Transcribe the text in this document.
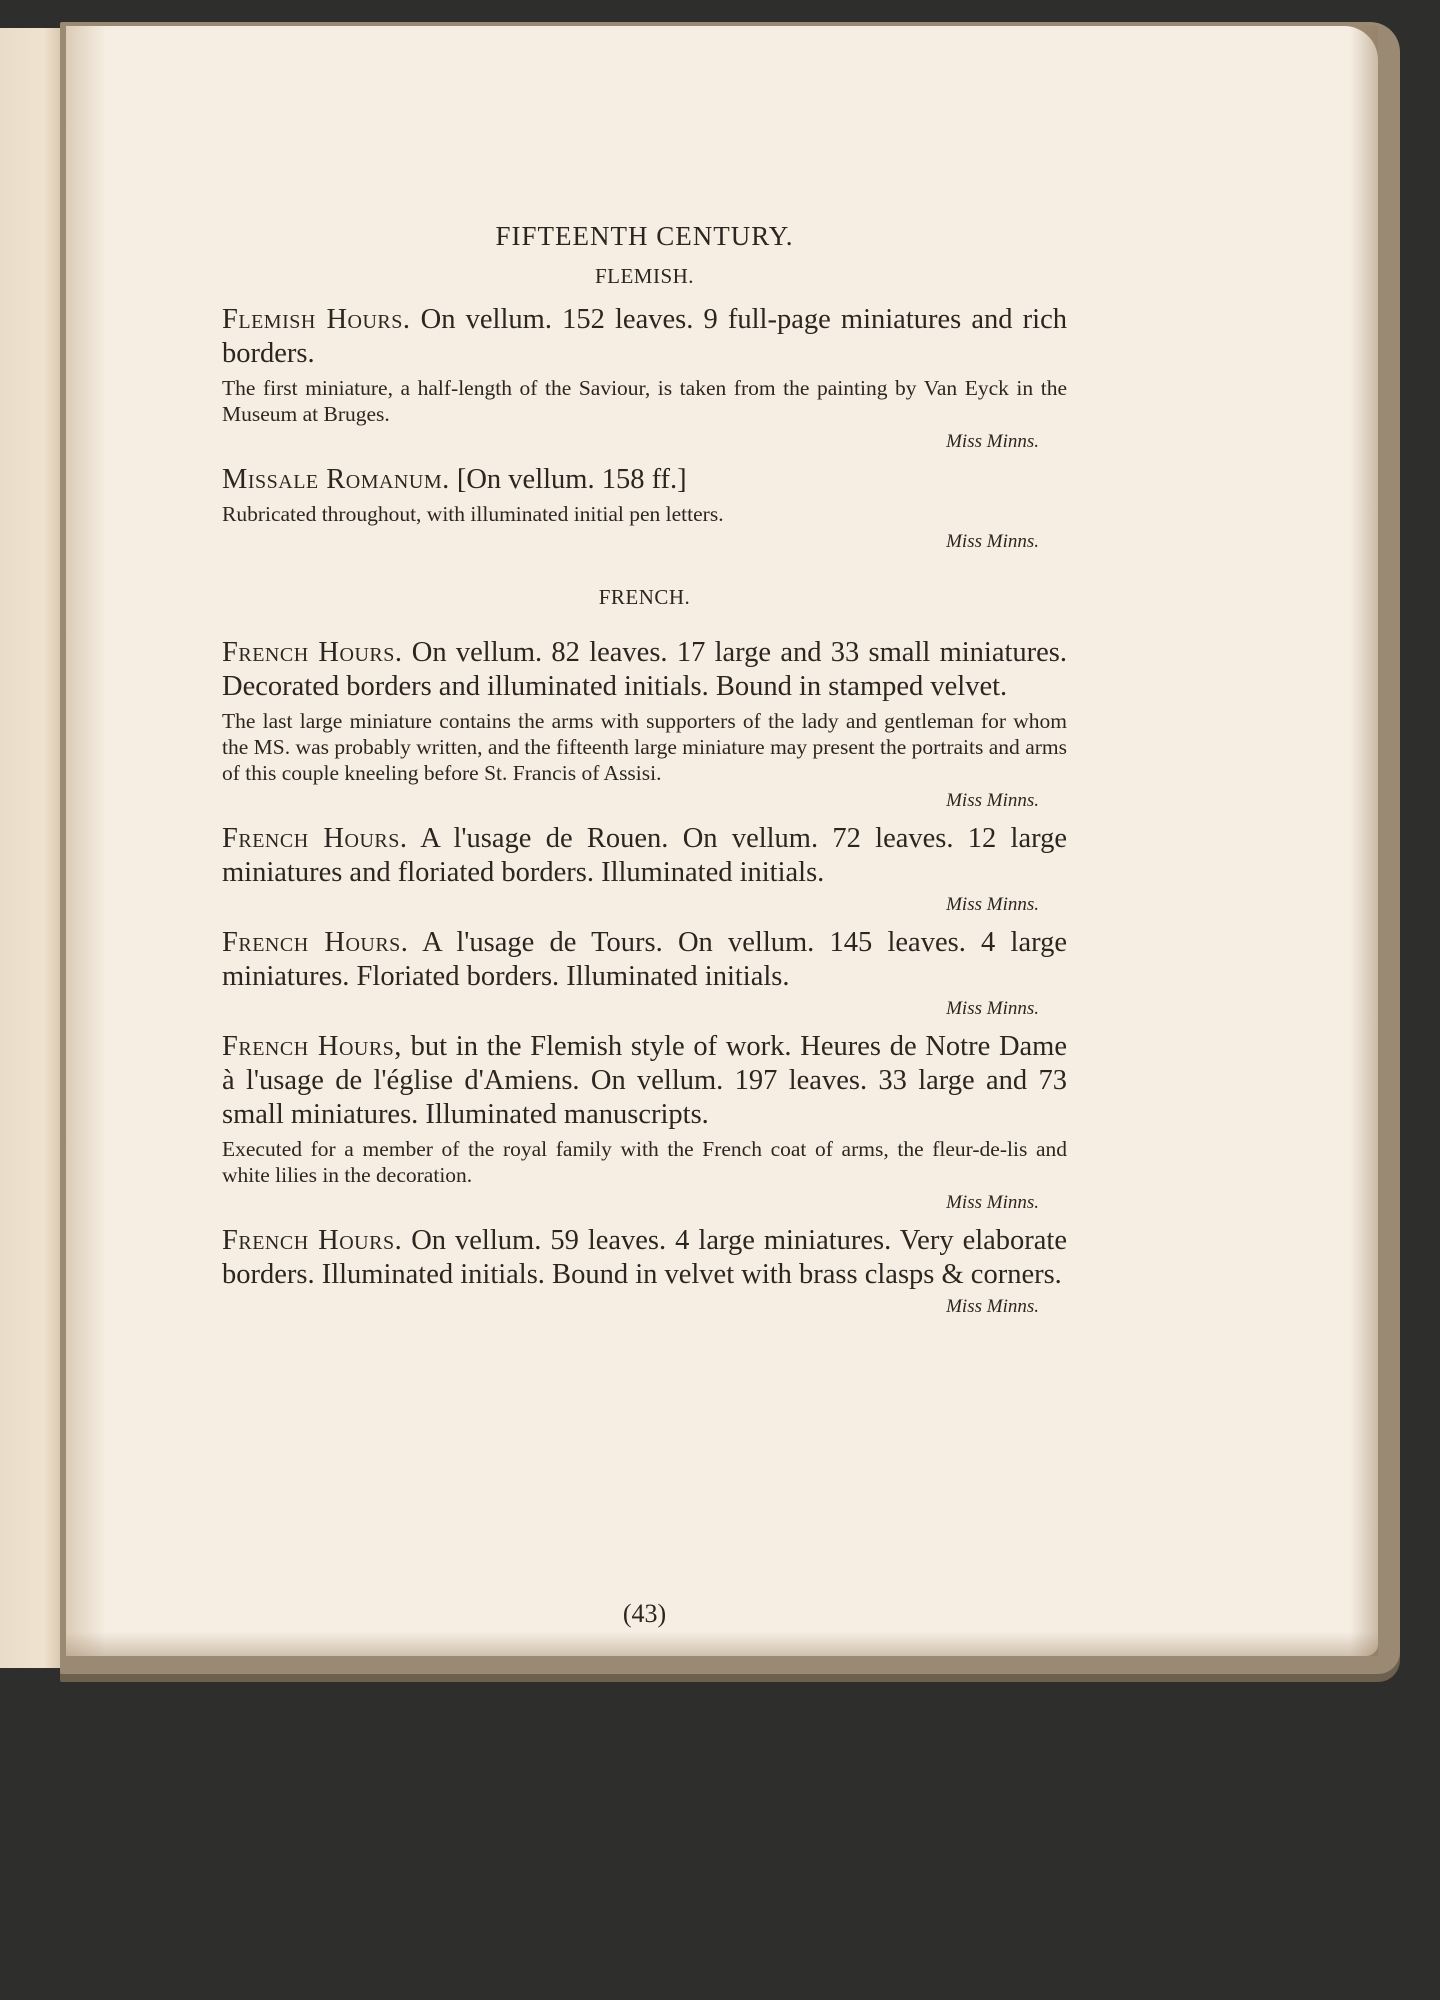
FIFTEENTH CENTURY.
FLEMISH.

Flemish Hours. On vellum. 152 leaves. 9 full-page miniatures and rich borders.

The first miniature, a half-length of the Saviour, is taken from the painting by Van Eyck in the Museum at Bruges.

Miss Minns.

Missale Romanum. [On vellum. 158 ff.]

Rubricated throughout, with illuminated initial pen letters.

Miss Minns.
FRENCH.

French Hours. On vellum. 82 leaves. 17 large and 33 small miniatures. Decorated borders and illuminated initials. Bound in stamped velvet.

The last large miniature contains the arms with supporters of the lady and gentleman for whom the MS. was probably written, and the fifteenth large miniature may present the portraits and arms of this couple kneeling before St. Francis of Assisi.

Miss Minns.

French Hours. A l'usage de Rouen. On vellum. 72 leaves. 12 large miniatures and floriated borders. Illuminated initials.

Miss Minns.

French Hours. A l'usage de Tours. On vellum. 145 leaves. 4 large miniatures. Floriated borders. Illuminated initials.

Miss Minns.

French Hours, but in the Flemish style of work. Heures de Notre Dame à l'usage de l'église d'Amiens. On vellum. 197 leaves. 33 large and 73 small miniatures. Illuminated manuscripts.

Executed for a member of the royal family with the French coat of arms, the fleur-de-lis and white lilies in the decoration.

Miss Minns.

French Hours. On vellum. 59 leaves. 4 large miniatures. Very elaborate borders. Illuminated initials. Bound in velvet with brass clasps & corners.

Miss Minns.
(43)
